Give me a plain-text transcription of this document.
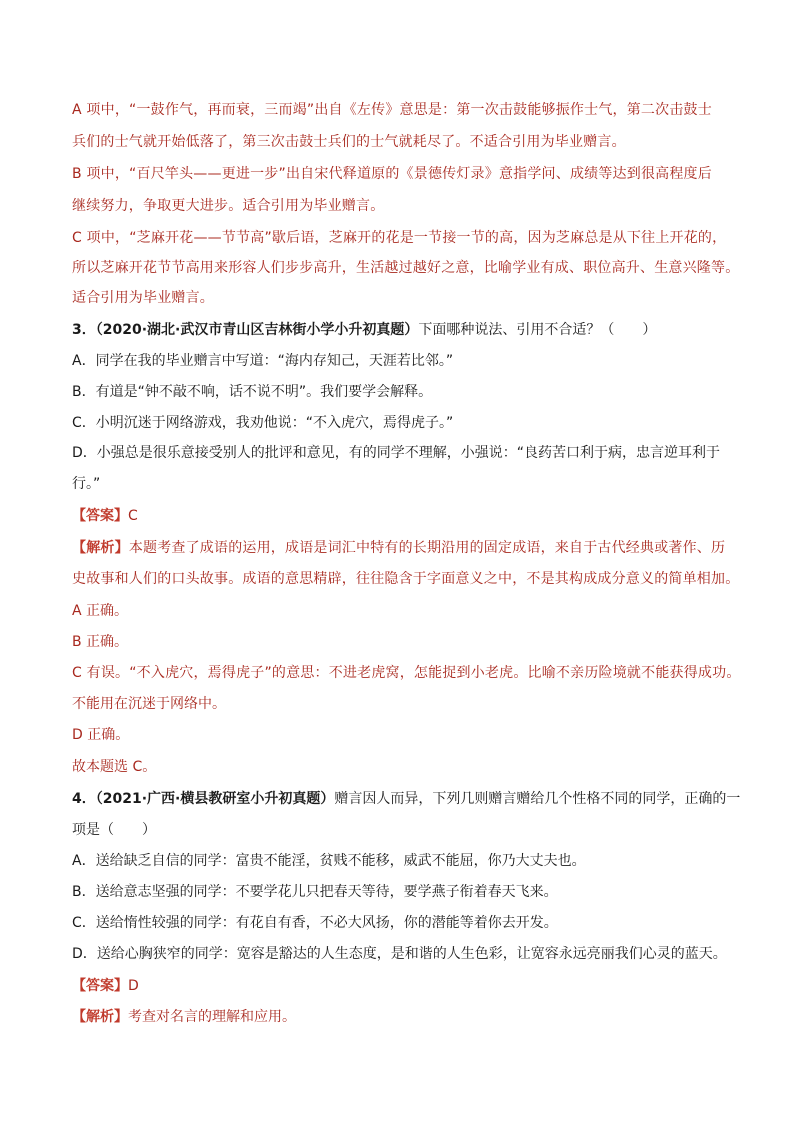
A 项中，“一鼓作气，再而衰，三而竭”出自《左传》意思是：第一次击鼓能够振作士气，第二次击鼓士
兵们的士气就开始低落了，第三次击鼓士兵们的士气就耗尽了。不适合引用为毕业赠言。
B 项中，“百尺竿头——更进一步”出自宋代释道原的《景德传灯录》意指学问、成绩等达到很高程度后
继续努力，争取更大进步。适合引用为毕业赠言。
C 项中，“芝麻开花——节节高”歇后语，芝麻开的花是一节接一节的高，因为芝麻总是从下往上开花的，
所以芝麻开花节节高用来形容人们步步高升，生活越过越好之意，比喻学业有成、职位高升、生意兴隆等。
适合引用为毕业赠言。
3．（2020·湖北·武汉市青山区吉林街小学小升初真题）下面哪种说法、引用不合适？（　　）
A．同学在我的毕业赠言中写道：“海内存知己，天涯若比邻。”
B．有道是“钟不敲不响，话不说不明”。我们要学会解释。
C．小明沉迷于网络游戏，我劝他说：“不入虎穴，焉得虎子。”
D．小强总是很乐意接受别人的批评和意见，有的同学不理解，小强说：“良药苦口利于病，忠言逆耳利于
行。”
【答案】C
【解析】本题考查了成语的运用，成语是词汇中特有的长期沿用的固定成语，来自于古代经典或著作、历
史故事和人们的口头故事。成语的意思精辟，往往隐含于字面意义之中，不是其构成成分意义的简单相加。
A 正确。
B 正确。
C 有误。“不入虎穴，焉得虎子”的意思：不进老虎窝，怎能捉到小老虎。比喻不亲历险境就不能获得成功。
不能用在沉迷于网络中。
D 正确。
故本题选 C。
4．（2021·广西·横县教研室小升初真题）赠言因人而异，下列几则赠言赠给几个性格不同的同学，正确的一
项是（　　）
A．送给缺乏自信的同学：富贵不能淫，贫贱不能移，威武不能屈，你乃大丈夫也。
B．送给意志坚强的同学：不要学花儿只把春天等待，要学燕子衔着春天飞来。
C．送给惰性较强的同学：有花自有香，不必大风扬，你的潜能等着你去开发。
D．送给心胸狭窄的同学：宽容是豁达的人生态度，是和谐的人生色彩，让宽容永远亮丽我们心灵的蓝天。
【答案】D
【解析】考查对名言的理解和应用。
